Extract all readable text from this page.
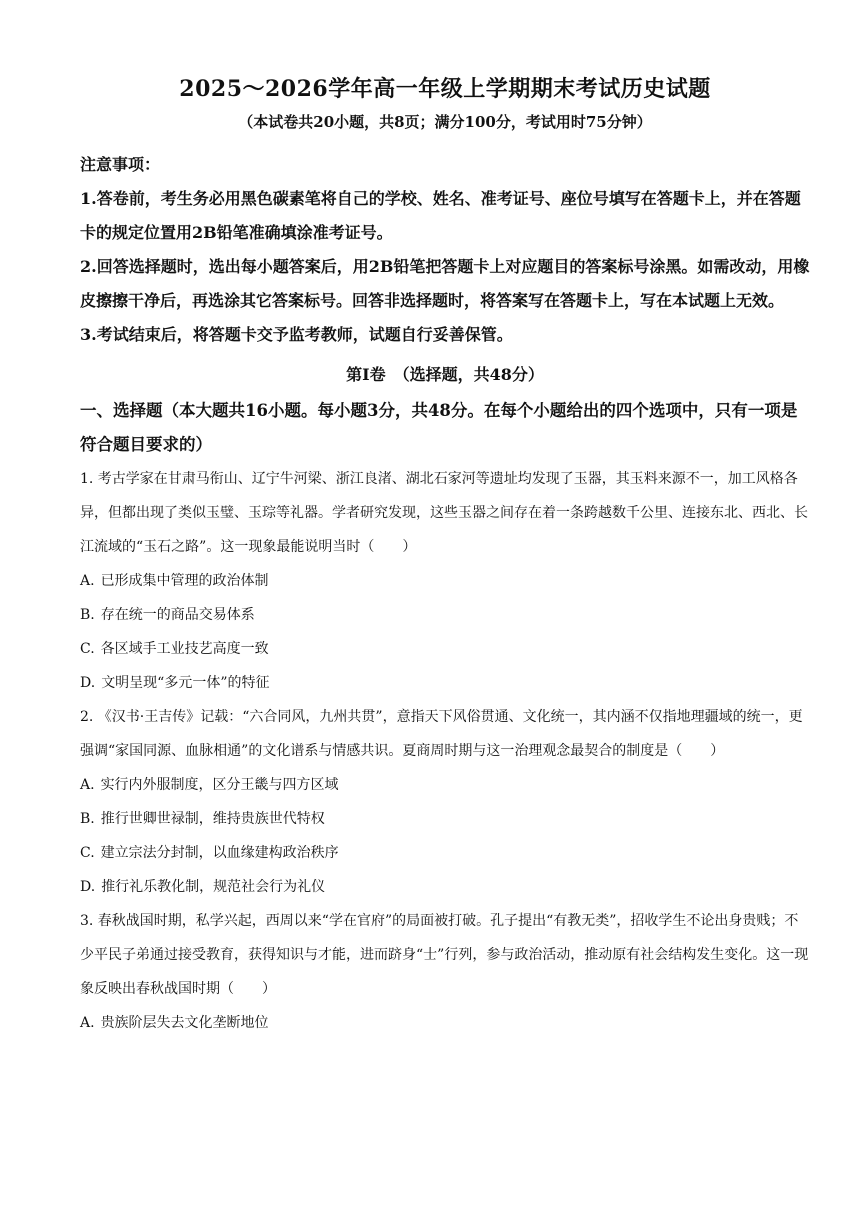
2025～2026学年高一年级上学期期末考试历史试题
（本试卷共20小题，共8页；满分100分，考试用时75分钟）

注意事项：

1.答卷前，考生务必用黑色碳素笔将自己的学校、姓名、准考证号、座位号填写在答题卡上，并在答题卡的规定位置用2B铅笔准确填涂准考证号。

2.回答选择题时，选出每小题答案后，用2B铅笔把答题卡上对应题目的答案标号涂黑。如需改动，用橡皮擦擦干净后，再选涂其它答案标号。回答非选择题时，将答案写在答题卡上，写在本试题上无效。

3.考试结束后，将答题卡交予监考教师，试题自行妥善保管。

第Ⅰ卷　（选择题，共48分）

一、选择题（本大题共16小题。每小题3分，共48分。在每个小题给出的四个选项中，只有一项是符合题目要求的）

1. 考古学家在甘肃马衔山、辽宁牛河梁、浙江良渚、湖北石家河等遗址均发现了玉器，其玉料来源不一，加工风格各异，但都出现了类似玉璧、玉琮等礼器。学者研究发现，这些玉器之间存在着一条跨越数千公里、连接东北、西北、长江流域的“玉石之路”。这一现象最能说明当时（　　）

A. 已形成集中管理的政治体制

B. 存在统一的商品交易体系

C. 各区域手工业技艺高度一致

D. 文明呈现“多元一体”的特征

2. 《汉书·王吉传》记载：“六合同风，九州共贯”，意指天下风俗贯通、文化统一，其内涵不仅指地理疆域的统一，更强调“家国同源、血脉相通”的文化谱系与情感共识。夏商周时期与这一治理观念最契合的制度是（　　）

A. 实行内外服制度，区分王畿与四方区域

B. 推行世卿世禄制，维持贵族世代特权

C. 建立宗法分封制，以血缘建构政治秩序

D. 推行礼乐教化制，规范社会行为礼仪

3. 春秋战国时期，私学兴起，西周以来“学在官府”的局面被打破。孔子提出“有教无类”，招收学生不论出身贵贱；不少平民子弟通过接受教育，获得知识与才能，进而跻身“士”行列，参与政治活动，推动原有社会结构发生变化。这一现象反映出春秋战国时期（　　）

A. 贵族阶层失去文化垄断地位
